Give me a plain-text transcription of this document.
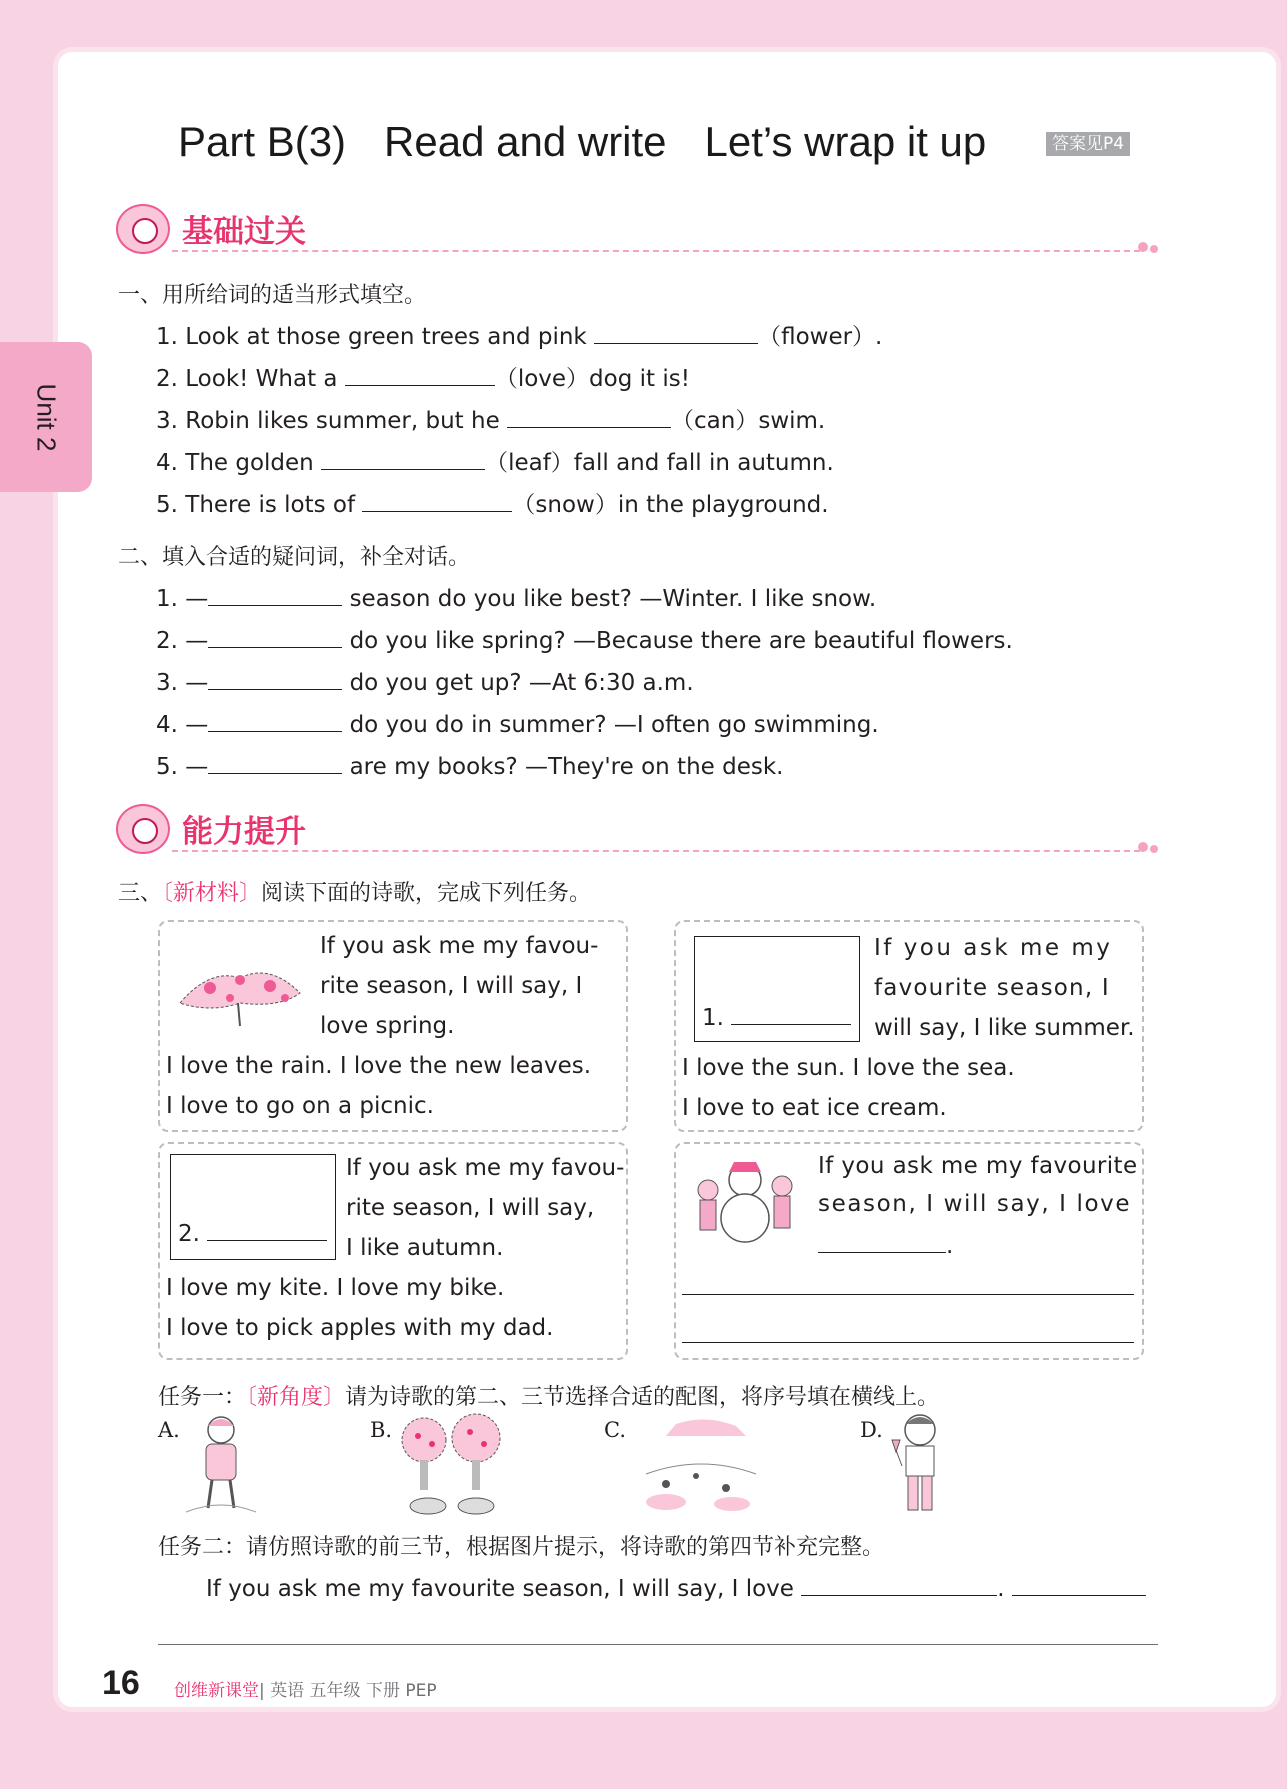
Unit 2
Part B(3) Read and write Let’s wrap it up	答案见P4
基础过关
一、用所给词的适当形式填空。
1. Look at those green trees and pink	（flower）.
2. Look! What a	（love）dog it is!
3. Robin likes summer, but he	（can）swim.
4. The golden	（leaf）fall and fall in autumn.
5. There is lots of	（snow）in the playground.
二、填入合适的疑问词，补全对话。
1. —	season do you like best? —Winter. I like snow.
2. —	do you like spring? —Because there are beautiful flowers.
3. —	do you get up? —At 6:30 a.m.
4. —	do you do in summer? —I often go swimming.
5. —	are my books? —They're on the desk.
能力提升
三、〔新材料〕阅读下面的诗歌，完成下列任务。
If you ask me my favou-
rite season, I will say, I
love spring.
I love the rain. I love the new leaves.
I love to go on a picnic.
1.
If you ask me my
favourite season, I
will say, I like summer.
I love the sun. I love the sea.
I love to eat ice cream.
2.
If you ask me my favou-
rite season, I will say,
I like autumn.
I love my kite. I love my bike.
I love to pick apples with my dad.
If you ask me my favourite
season, I will say, I love
.
任务一：〔新角度〕请为诗歌的第二、三节选择合适的配图，将序号填在横线上。
A.	B.	C.	D.
任务二：请仿照诗歌的前三节，根据图片提示，将诗歌的第四节补充完整。
If you ask me my favourite season, I will say, I love	.
16 创维新课堂| 英语 五年级 下册 PEP
